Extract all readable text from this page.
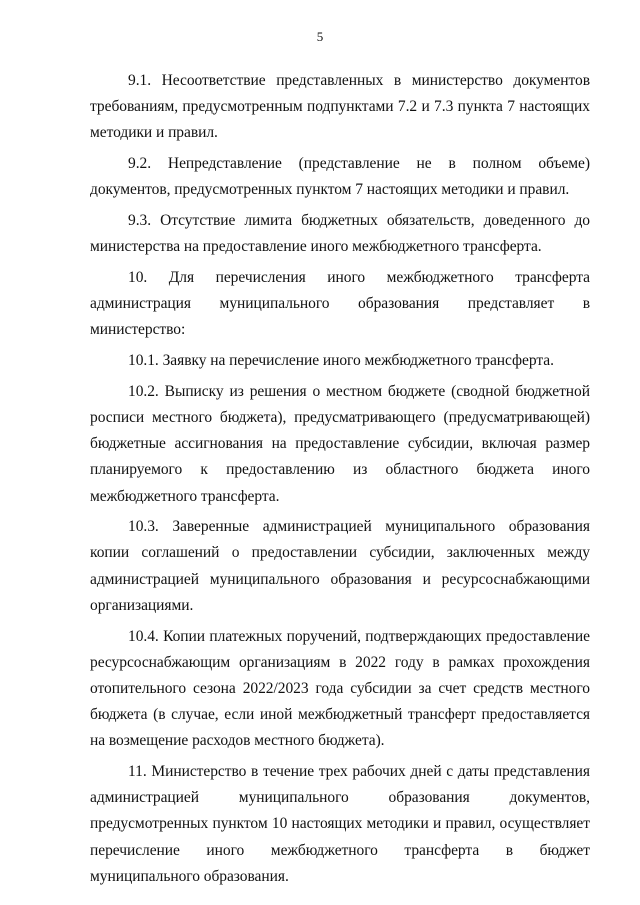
5

9.1. Несоответствие представленных в министерство документов требованиям, предусмотренным подпунктами 7.2 и 7.3 пункта 7 настоящих методики и правил.

9.2. Непредставление (представление не в полном объеме) документов, предусмотренных пунктом 7 настоящих методики и правил.

9.3. Отсутствие лимита бюджетных обязательств, доведенного до министерства на предоставление иного межбюджетного трансферта.

10. Для перечисления иного межбюджетного трансферта администрация муниципального образования представляет в министерство:

10.1. Заявку на перечисление иного межбюджетного трансферта.

10.2. Выписку из решения о местном бюджете (сводной бюджетной росписи местного бюджета), предусматривающего (предусматривающей) бюджетные ассигнования на предоставление субсидии, включая размер планируемого к предоставлению из областного бюджета иного межбюджетного трансферта.

10.3. Заверенные администрацией муниципального образования копии соглашений о предоставлении субсидии, заключенных между администрацией муниципального образования и ресурсоснабжающими организациями.

10.4. Копии платежных поручений, подтверждающих предоставление ресурсоснабжающим организациям в 2022 году в рамках прохождения отопительного сезона 2022/2023 года субсидии за счет средств местного бюджета (в случае, если иной межбюджетный трансферт предоставляется на возмещение расходов местного бюджета).

11. Министерство в течение трех рабочих дней с даты представления администрацией муниципального образования документов, предусмотренных пунктом 10 настоящих методики и правил, осуществляет перечисление иного межбюджетного трансферта в бюджет муниципального образования.
